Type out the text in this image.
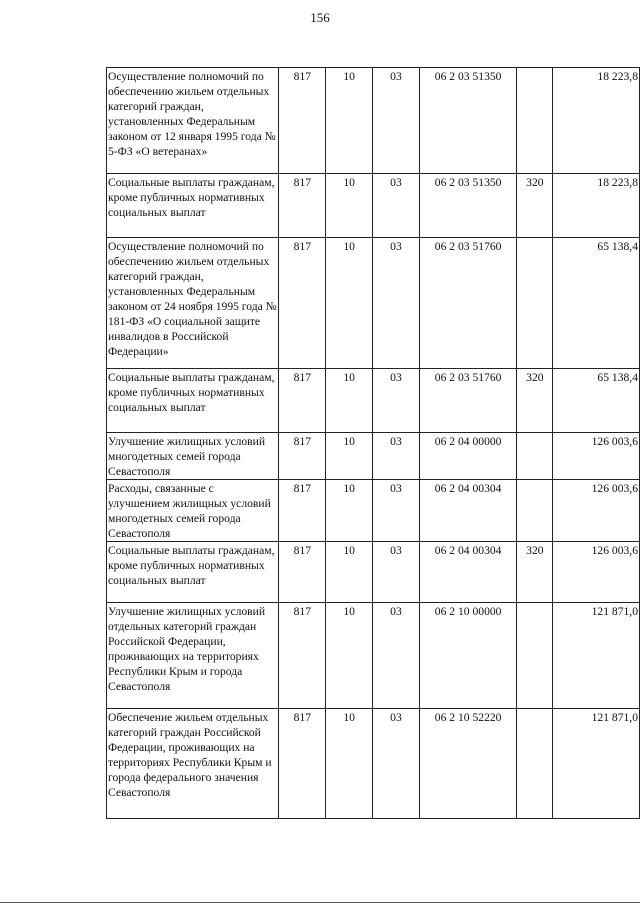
156
Осуществление полномочий по обеспечению жильем отдельных категорий граждан, установленных Федеральным законом от 12 января 1995 года № 5-ФЗ «О ветеранах»	817	10	03	06 2 03 51350		18 223,8
Социальные выплаты гражданам, кроме публичных нормативных социальных выплат	817	10	03	06 2 03 51350	320	18 223,8
Осуществление полномочий по обеспечению жильем отдельных категорий граждан, установленных Федеральным законом от 24 ноября 1995 года № 181-ФЗ «О социальной защите инвалидов в Российской Федерации»	817	10	03	06 2 03 51760		65 138,4
Социальные выплаты гражданам, кроме публичных нормативных социальных выплат	817	10	03	06 2 03 51760	320	65 138,4
Улучшение жилищных условий многодетных семей города Севастополя	817	10	03	06 2 04 00000		126 003,6
Расходы, связанные с улучшением жилищных условий многодетных семей города Севастополя	817	10	03	06 2 04 00304		126 003,6
Социальные выплаты гражданам, кроме публичных нормативных социальных выплат	817	10	03	06 2 04 00304	320	126 003,6
Улучшение жилищных условий отдельных категорий граждан Российской Федерации, проживающих на территориях Республики Крым и города Севастополя	817	10	03	06 2 10 00000		121 871,0
Обеспечение жильем отдельных категорий граждан Российской Федерации, проживающих на территориях Республики Крым и города федерального значения Севастополя	817	10	03	06 2 10 52220		121 871,0
